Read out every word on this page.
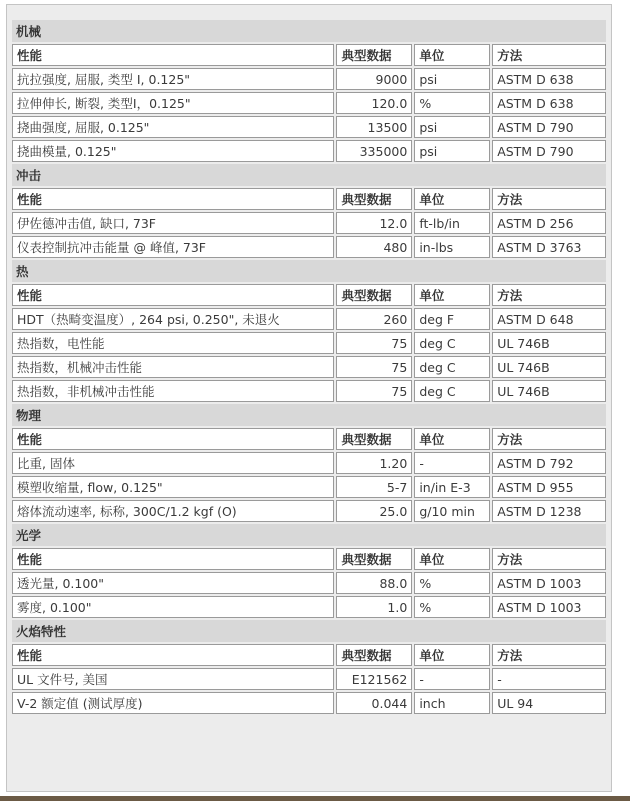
机械			
性能	典型数据	单位	方法
抗拉强度, 屈服, 类型 I, 0.125"	9000	psi	ASTM D 638
拉伸伸长, 断裂, 类型I，0.125"	120.0	%	ASTM D 638
挠曲强度, 屈服, 0.125"	13500	psi	ASTM D 790
挠曲模量, 0.125"	335000	psi	ASTM D 790
冲击			
性能	典型数据	单位	方法
伊佐德冲击值, 缺口, 73F	12.0	ft-lb/in	ASTM D 256
仪表控制抗冲击能量 @ 峰值, 73F	480	in-lbs	ASTM D 3763
热			
性能	典型数据	单位	方法
HDT（热畸变温度）, 264 psi, 0.250", 未退火	260	deg F	ASTM D 648
热指数，电性能	75	deg C	UL 746B
热指数，机械冲击性能	75	deg C	UL 746B
热指数，非机械冲击性能	75	deg C	UL 746B
物理			
性能	典型数据	单位	方法
比重, 固体	1.20	-	ASTM D 792
模塑收缩量, flow, 0.125"	5-7	in/in E-3	ASTM D 955
熔体流动速率, 标称, 300C/1.2 kgf (O)	25.0	g/10 min	ASTM D 1238
光学			
性能	典型数据	单位	方法
透光量, 0.100"	88.0	%	ASTM D 1003
雾度, 0.100"	1.0	%	ASTM D 1003
火焰特性			
性能	典型数据	单位	方法
UL 文件号, 美国	E121562	-	-
V-2 额定值 (测试厚度)	0.044	inch	UL 94
